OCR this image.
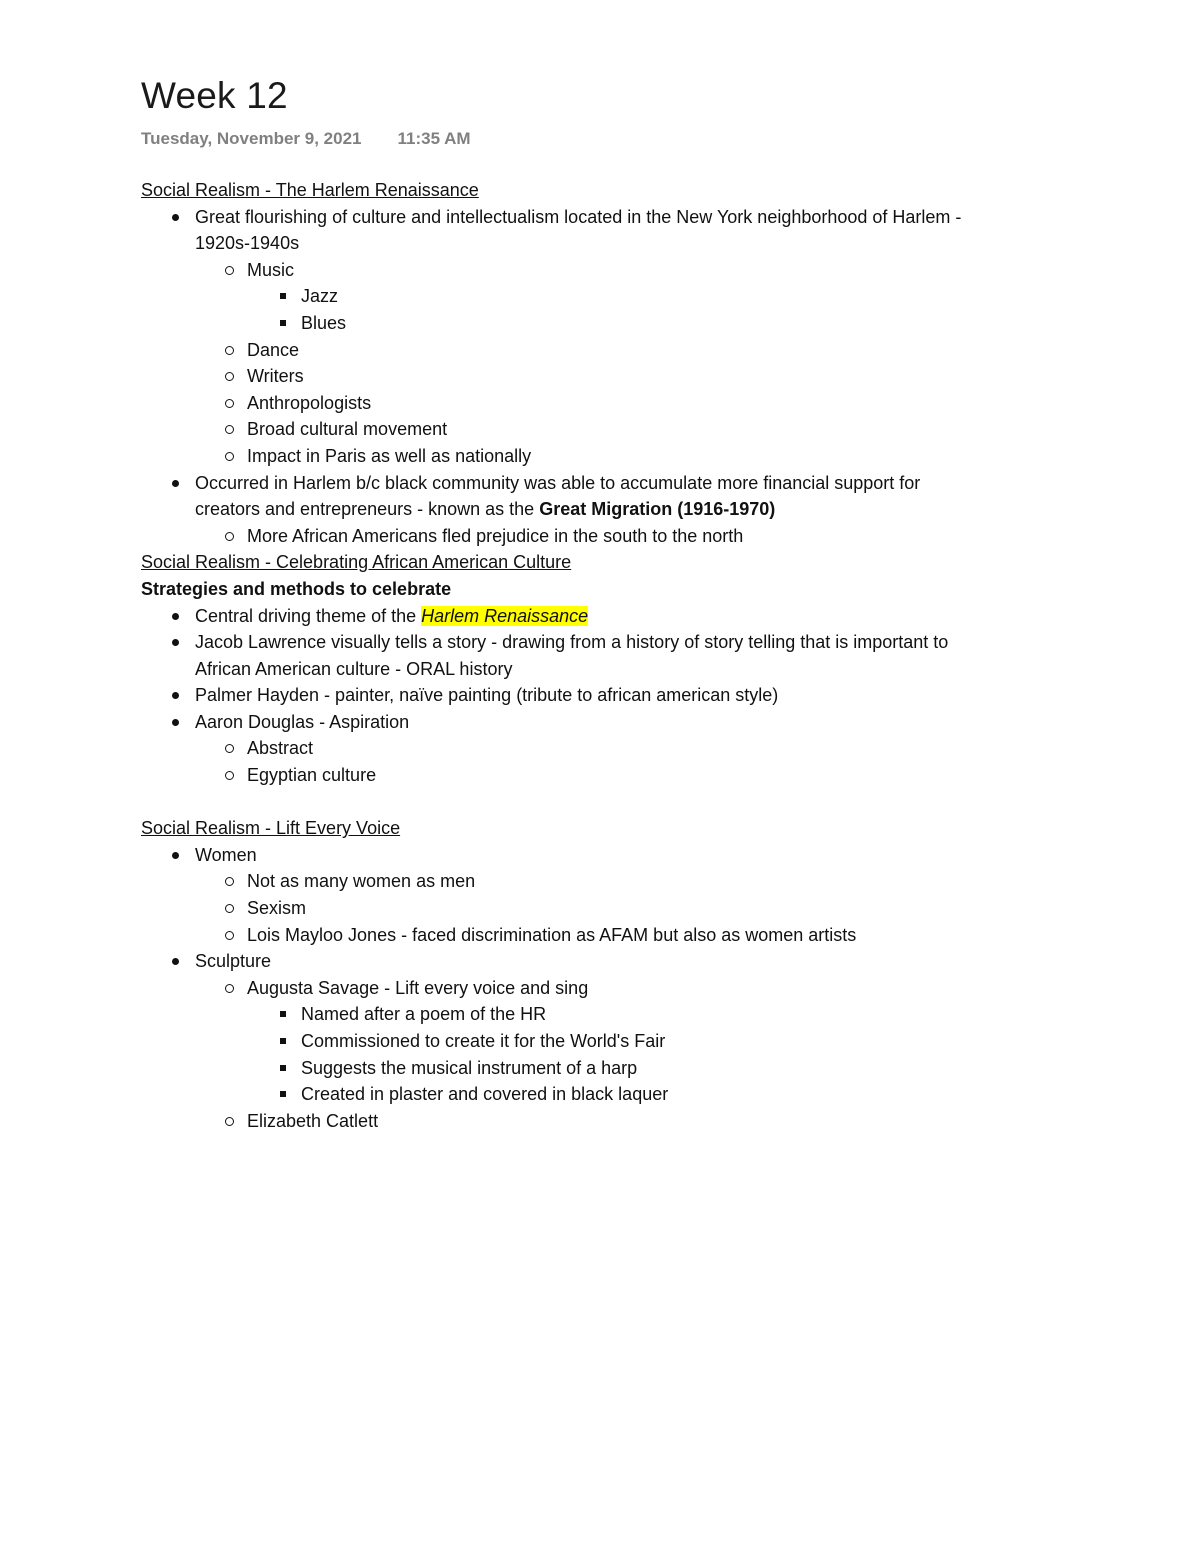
Week 12
Tuesday, November 9, 2021 11:35 AM
Social Realism - The Harlem Renaissance
Great flourishing of culture and intellectualism located in the New York neighborhood of Harlem -
1920s-1940s
Music
Jazz
Blues
Dance
Writers
Anthropologists
Broad cultural movement
Impact in Paris as well as nationally
Occurred in Harlem b/c black community was able to accumulate more financial support for
creators and entrepreneurs - known as the Great Migration (1916-1970)
More African Americans fled prejudice in the south to the north
Social Realism - Celebrating African American Culture
Strategies and methods to celebrate
Central driving theme of the Harlem Renaissance
Jacob Lawrence visually tells a story - drawing from a history of story telling that is important to
African American culture - ORAL history
Palmer Hayden - painter, naïve painting (tribute to african american style)
Aaron Douglas - Aspiration
Abstract
Egyptian culture
Social Realism - Lift Every Voice
Women
Not as many women as men
Sexism
Lois Mayloo Jones - faced discrimination as AFAM but also as women artists
Sculpture
Augusta Savage - Lift every voice and sing
Named after a poem of the HR
Commissioned to create it for the World's Fair
Suggests the musical instrument of a harp
Created in plaster and covered in black laquer
Elizabeth Catlett
